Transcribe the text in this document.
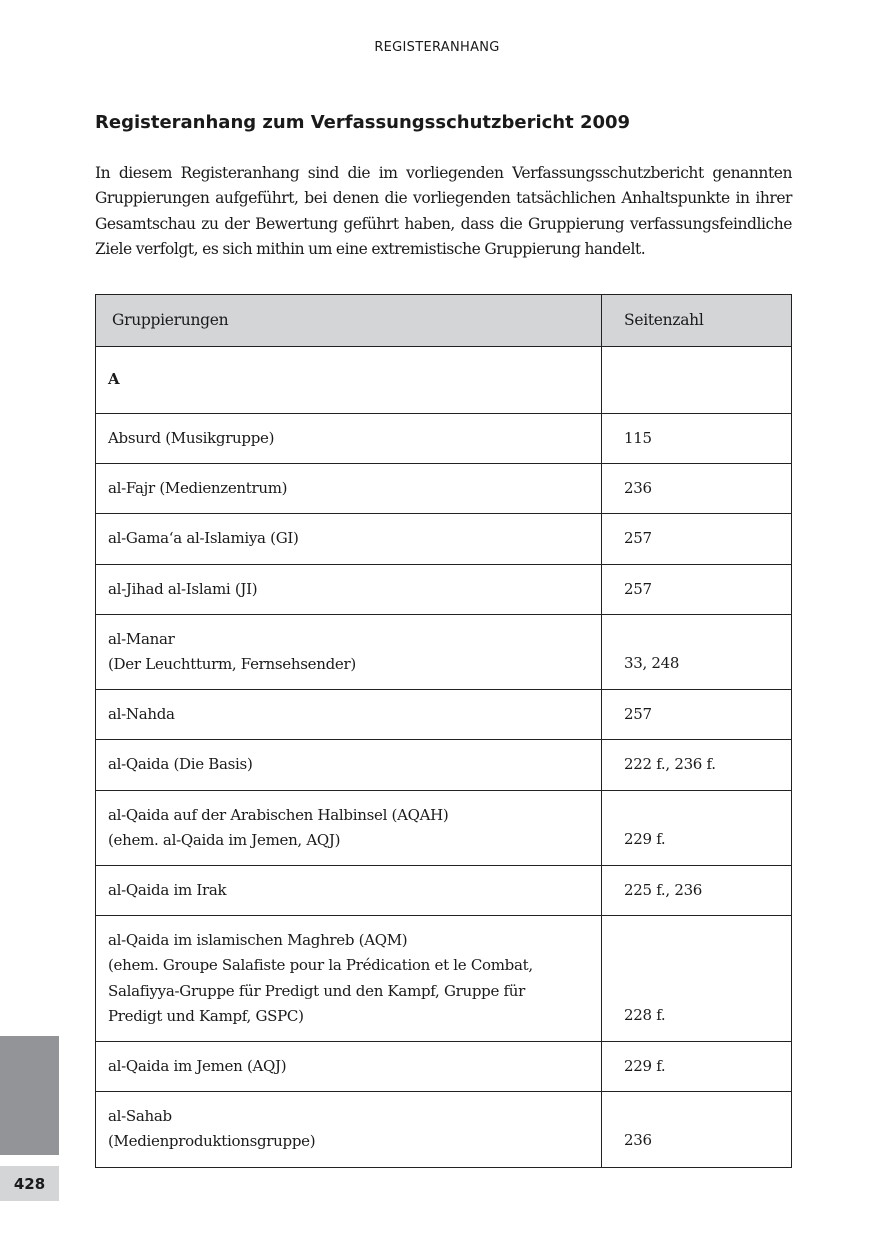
REGISTERANHANG
Registeranhang zum Verfassungsschutzbericht 2009

In diesem Registeranhang sind die im vorliegenden Verfassungsschutzbericht genannten Gruppierungen aufgeführt, bei denen die vorliegenden tatsächlichen Anhaltspunkte in ihrer Gesamtschau zu der Bewertung geführt haben, dass die Gruppierung verfassungsfeindliche Ziele verfolgt, es sich mithin um eine extremistische Gruppierung handelt.

Gruppierungen	Seitenzahl
A	

Absurd (Musikgruppe)	115

al-Fajr (Medienzentrum)	236

al-Gama‘a al-Islamiya (GI)	257

al-Jihad al-Islami (JI)	257

al-Manar
(Der Leuchtturm, Fernsehsender)	33, 248

al-Nahda	257

al-Qaida (Die Basis)	222 f., 236 f.

al-Qaida auf der Arabischen Halbinsel (AQAH)
(ehem. al-Qaida im Jemen, AQJ)	229 f.

al-Qaida im Irak	225 f., 236

al-Qaida im islamischen Maghreb (AQM)
(ehem. Groupe Salafiste pour la Prédication et le Combat,
Salafiyya-Gruppe für Predigt und den Kampf, Gruppe für
Predigt und Kampf, GSPC)	228 f.

al-Qaida im Jemen (AQJ)	229 f.

al-Sahab
(Medienproduktionsgruppe)	236
428
